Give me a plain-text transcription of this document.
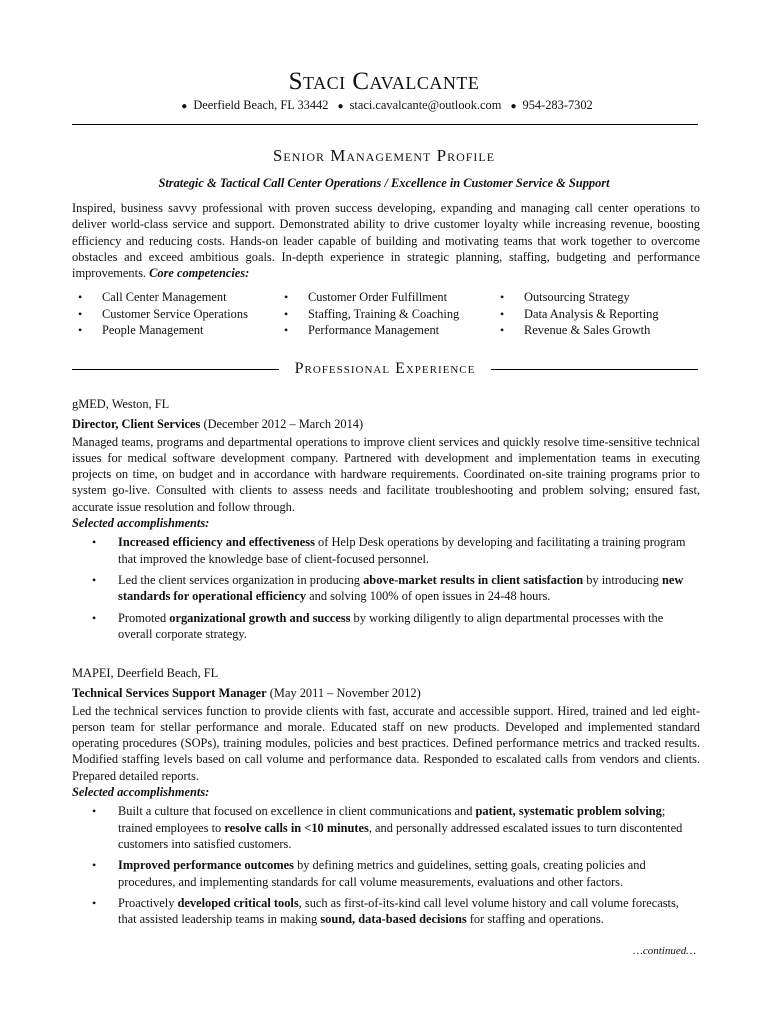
Staci Cavalcante
● Deerfield Beach, FL 33442 ● staci.cavalcante@outlook.com ● 954-283-7302
Senior Management Profile
Strategic & Tactical Call Center Operations / Excellence in Customer Service & Support
Inspired, business savvy professional with proven success developing, expanding and managing call center operations to deliver world-class service and support. Demonstrated ability to drive customer loyalty while increasing revenue, boosting efficiency and reducing costs. Hands-on leader capable of building and motivating teams that work together to overcome obstacles and exceed ambitious goals. In-depth experience in strategic planning, staffing, budgeting and performance improvements. Core competencies:
• Call Center Management
• Customer Service Operations
• People Management
• Customer Order Fulfillment
• Staffing, Training & Coaching
• Performance Management
• Outsourcing Strategy
• Data Analysis & Reporting
• Revenue & Sales Growth
Professional Experience
gMED, Weston, FL
Director, Client Services (December 2012 – March 2014)
Managed teams, programs and departmental operations to improve client services and quickly resolve time-sensitive technical issues for medical software development company. Partnered with development and implementation teams in executing projects on time, on budget and in accordance with hardware requirements. Coordinated on-site training programs prior to system go-live. Consulted with clients to assess needs and facilitate troubleshooting and problem solving; ensured fast, accurate issue resolution and follow through.
Selected accomplishments:
• Increased efficiency and effectiveness of Help Desk operations by developing and facilitating a training program that improved the knowledge base of client-focused personnel.
• Led the client services organization in producing above-market results in client satisfaction by introducing new standards for operational efficiency and solving 100% of open issues in 24-48 hours.
• Promoted organizational growth and success by working diligently to align departmental processes with the overall corporate strategy.
MAPEI, Deerfield Beach, FL
Technical Services Support Manager (May 2011 – November 2012)
Led the technical services function to provide clients with fast, accurate and accessible support. Hired, trained and led eight-person team for stellar performance and morale. Educated staff on new products. Developed and implemented standard operating procedures (SOPs), training modules, policies and best practices. Defined performance metrics and tracked results. Modified staffing levels based on call volume and performance data. Responded to escalated calls from vendors and clients. Prepared detailed reports.
Selected accomplishments:
• Built a culture that focused on excellence in client communications and patient, systematic problem solving; trained employees to resolve calls in <10 minutes, and personally addressed escalated issues to turn discontented customers into satisfied customers.
• Improved performance outcomes by defining metrics and guidelines, setting goals, creating policies and procedures, and implementing standards for call volume measurements, evaluations and other factors.
• Proactively developed critical tools, such as first-of-its-kind call level volume history and call volume forecasts, that assisted leadership teams in making sound, data-based decisions for staffing and operations.
…continued…
